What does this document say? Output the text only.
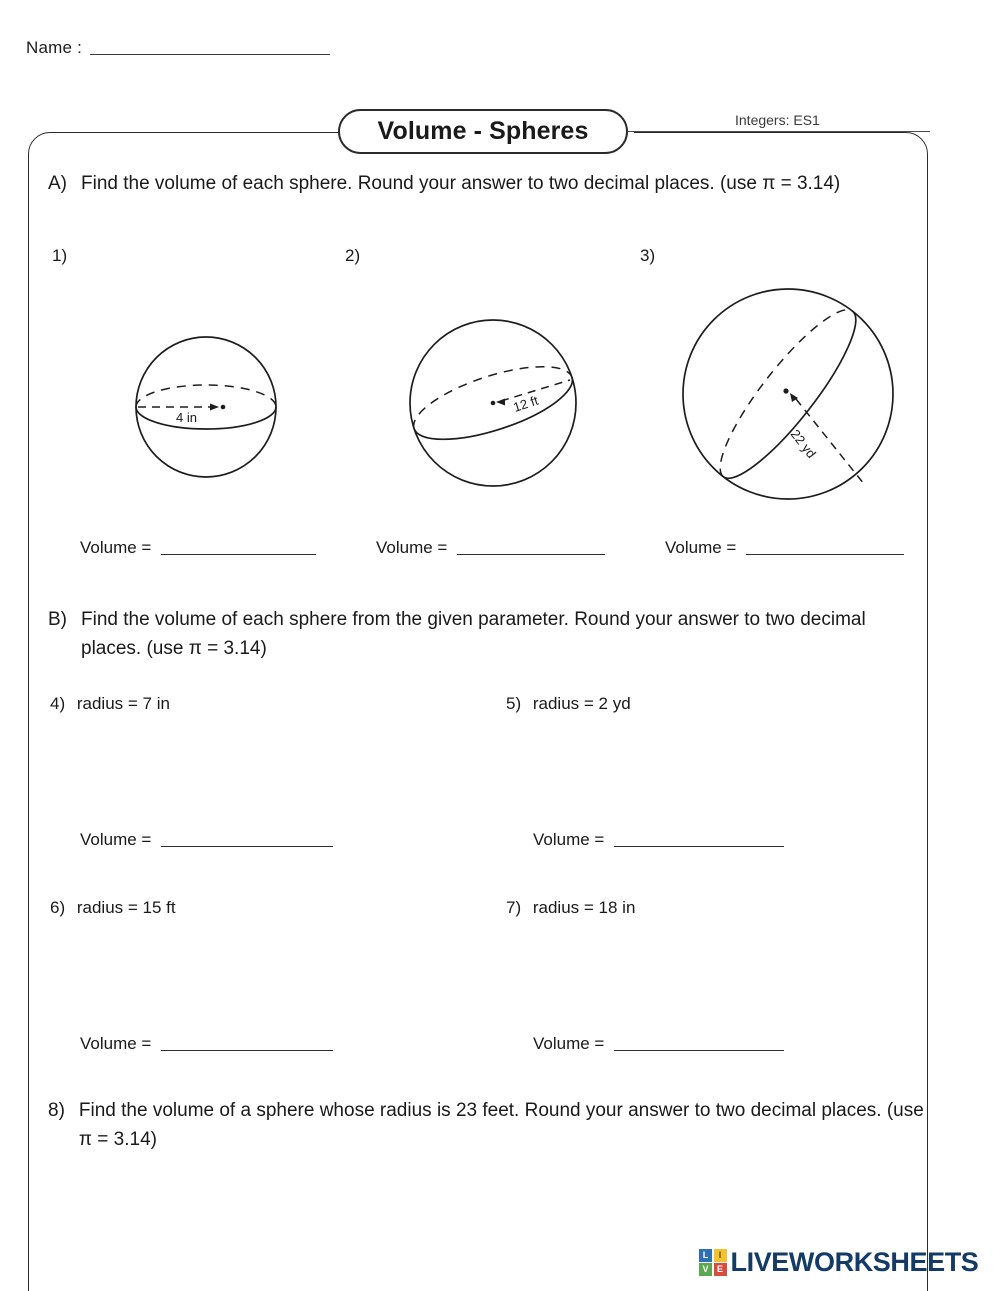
Name :
Volume - Spheres	Integers: ES1
A) Find the volume of each sphere. Round your answer to two decimal places. (use π = 3.14)
1)	2)	3)
4 in
12 ft
22 yd
Volume =	Volume =	Volume =
B) Find the volume of each sphere from the given parameter. Round your answer to two decimal places. (use π = 3.14)
4) radius = 7 in	5) radius = 2 yd
6) radius = 15 ft	7) radius = 18 in
Volume =	Volume =
Volume =	Volume =
8) Find the volume of a sphere whose radius is 23 feet. Round your answer to two decimal places. (use π = 3.14)
L	I
V E LIVEWORKSHEETS
